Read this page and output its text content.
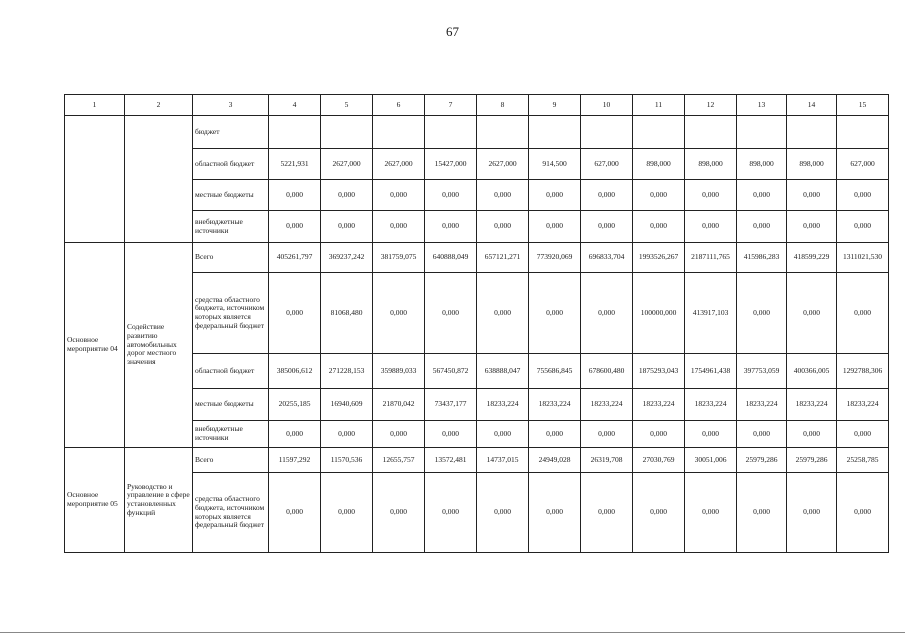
67
1	2	3	4	5	6	7	8	9	10	11	12	13	14	15
		бюджет												
		областной бюджет	5221,931	2627,000	2627,000	15427,000	2627,000	914,500	627,000	898,000	898,000	898,000	898,000	627,000
		местные бюджеты	0,000	0,000	0,000	0,000	0,000	0,000	0,000	0,000	0,000	0,000	0,000	0,000
		внебюджетные источники	0,000	0,000	0,000	0,000	0,000	0,000	0,000	0,000	0,000	0,000	0,000	0,000
Основное мероприятие 04	Содействие развитию автомобильных дорог местного значения	Всего	405261,797	369237,242	381759,075	640888,049	657121,271	773920,069	696833,704	1993526,267	2187111,765	415986,283	418599,229	1311021,530
		средства областного бюджета, источником которых является федеральный бюджет	0,000	81068,480	0,000	0,000	0,000	0,000	0,000	100000,000	413917,103	0,000	0,000	0,000
		областной бюджет	385006,612	271228,153	359889,033	567450,872	638888,047	755686,845	678600,480	1875293,043	1754961,438	397753,059	400366,005	1292788,306
		местные бюджеты	20255,185	16940,609	21870,042	73437,177	18233,224	18233,224	18233,224	18233,224	18233,224	18233,224	18233,224	18233,224
		внебюджетные источники	0,000	0,000	0,000	0,000	0,000	0,000	0,000	0,000	0,000	0,000	0,000	0,000
Основное мероприятие 05	Руководство и управление в сфере установленных функций	Всего	11597,292	11570,536	12655,757	13572,481	14737,015	24949,028	26319,708	27030,769	30051,006	25979,286	25979,286	25258,785
		средства областного бюджета, источником которых является федеральный бюджет	0,000	0,000	0,000	0,000	0,000	0,000	0,000	0,000	0,000	0,000	0,000	0,000
